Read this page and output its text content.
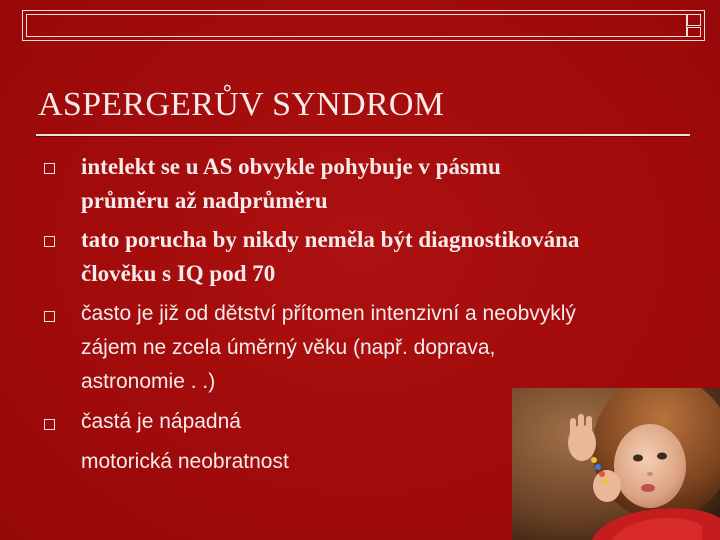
ASPERGERŮV SYNDROM
intelekt se u AS obvykle pohybuje v pásmu
průměru až nadprůměru
tato porucha by nikdy neměla být diagnostikována
člověku s IQ pod 70
často je již od dětství přítomen intenzivní a neobvyklý
zájem ne zcela úměrný věku (např. doprava,
astronomie . .)
častá je nápadná
motorická neobratnost
